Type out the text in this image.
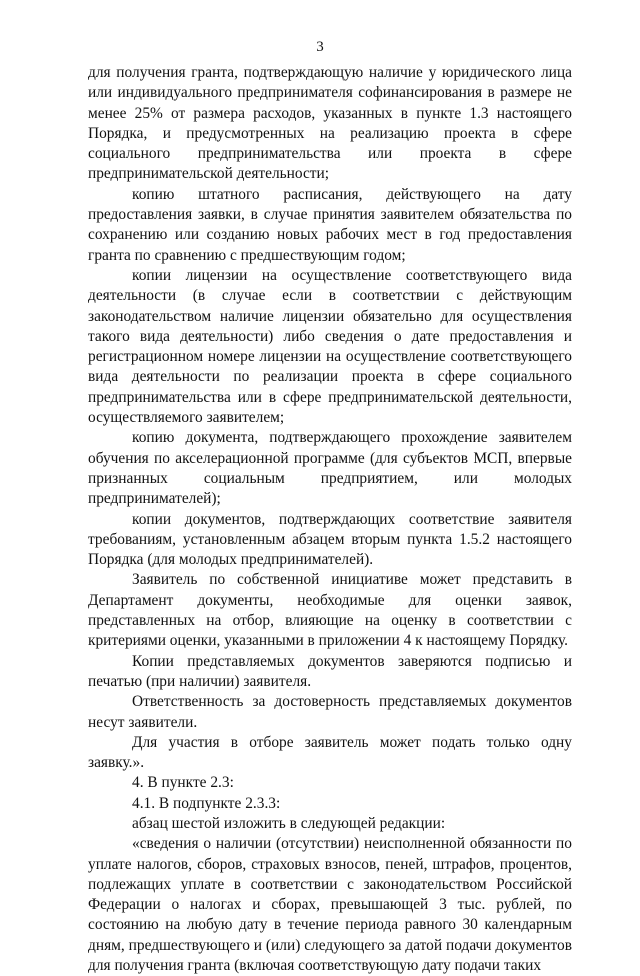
3

для получения гранта, подтверждающую наличие у юридического лица или индивидуального предпринимателя софинансирования в размере не менее 25% от размера расходов, указанных в пункте 1.3 настоящего Порядка, и предусмотренных на реализацию проекта в сфере социального предпринимательства или проекта в сфере предпринимательской деятельности;

копию штатного расписания, действующего на дату предоставления заявки, в случае принятия заявителем обязательства по сохранению или созданию новых рабочих мест в год предоставления гранта по сравнению с предшествующим годом;

копии лицензии на осуществление соответствующего вида деятельности (в случае если в соответствии с действующим законодательством наличие лицензии обязательно для осуществления такого вида деятельности) либо сведения о дате предоставления и регистрационном номере лицензии на осуществление соответствующего вида деятельности по реализации проекта в сфере социального предпринимательства или в сфере предпринимательской деятельности, осуществляемого заявителем;

копию документа, подтверждающего прохождение заявителем обучения по акселерационной программе (для субъектов МСП, впервые признанных социальным предприятием, или молодых предпринимателей);

копии документов, подтверждающих соответствие заявителя требованиям, установленным абзацем вторым пункта 1.5.2 настоящего Порядка (для молодых предпринимателей).

Заявитель по собственной инициативе может представить в Департамент документы, необходимые для оценки заявок, представленных на отбор, влияющие на оценку в соответствии с критериями оценки, указанными в приложении 4 к настоящему Порядку.

Копии представляемых документов заверяются подписью и печатью (при наличии) заявителя.

Ответственность за достоверность представляемых документов несут заявители.

Для участия в отборе заявитель может подать только одну заявку.».

4. В пункте 2.3:

4.1. В подпункте 2.3.3:

абзац шестой изложить в следующей редакции:

«сведения о наличии (отсутствии) неисполненной обязанности по уплате налогов, сборов, страховых взносов, пеней, штрафов, процентов, подлежащих уплате в соответствии с законодательством Российской Федерации о налогах и сборах, превышающей 3 тыс. рублей, по состоянию на любую дату в течение периода равного 30 календарным дням, предшествующего и (или) следующего за датой подачи документов для получения гранта (включая соответствующую дату подачи таких
